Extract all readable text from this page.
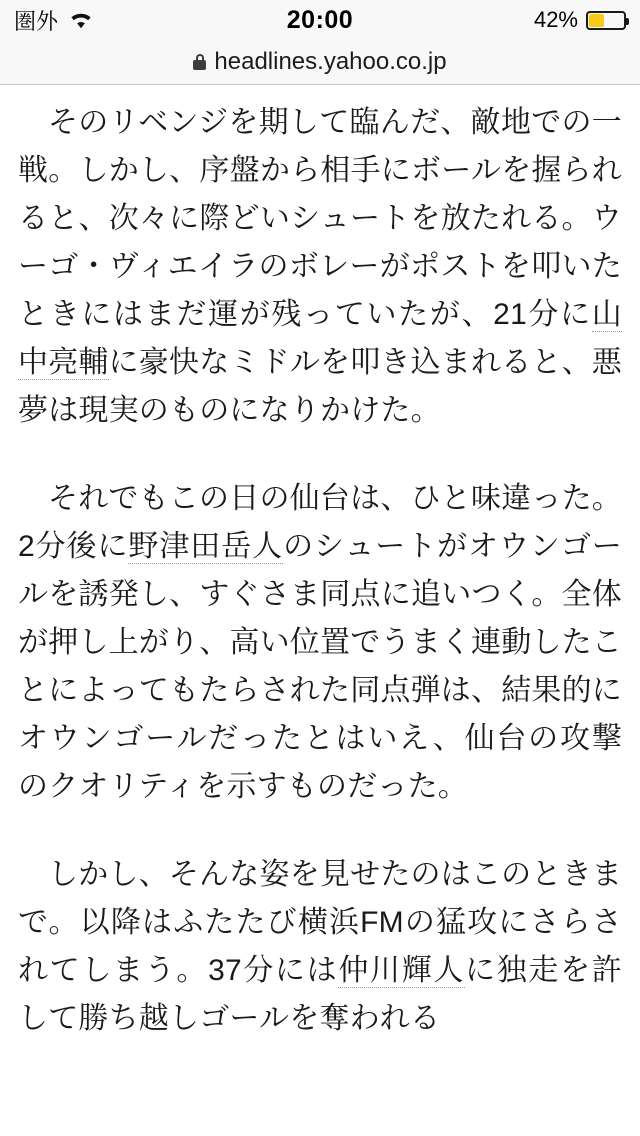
圏外	20:00	42%
headlines.yahoo.co.jp

そのリベンジを期して臨んだ、敵地での一戦。しかし、序盤から相手にボールを握られると、次々に際どいシュートを放たれる。ウーゴ・ヴィエイラのボレーがポストを叩いたときにはまだ運が残っていたが、21分に山中亮輔に豪快なミドルを叩き込まれると、悪夢は現実のものになりかけた。

それでもこの日の仙台は、ひと味違った。2分後に野津田岳人のシュートがオウンゴールを誘発し、すぐさま同点に追いつく。全体が押し上がり、高い位置でうまく連動したことによってもたらされた同点弾は、結果的にオウンゴールだったとはいえ、仙台の攻撃のクオリティを示すものだった。

しかし、そんな姿を見せたのはこのときまで。以降はふたたび横浜FMの猛攻にさらされてしまう。37分には仲川輝人に独走を許して勝ち越しゴールを奪われる
